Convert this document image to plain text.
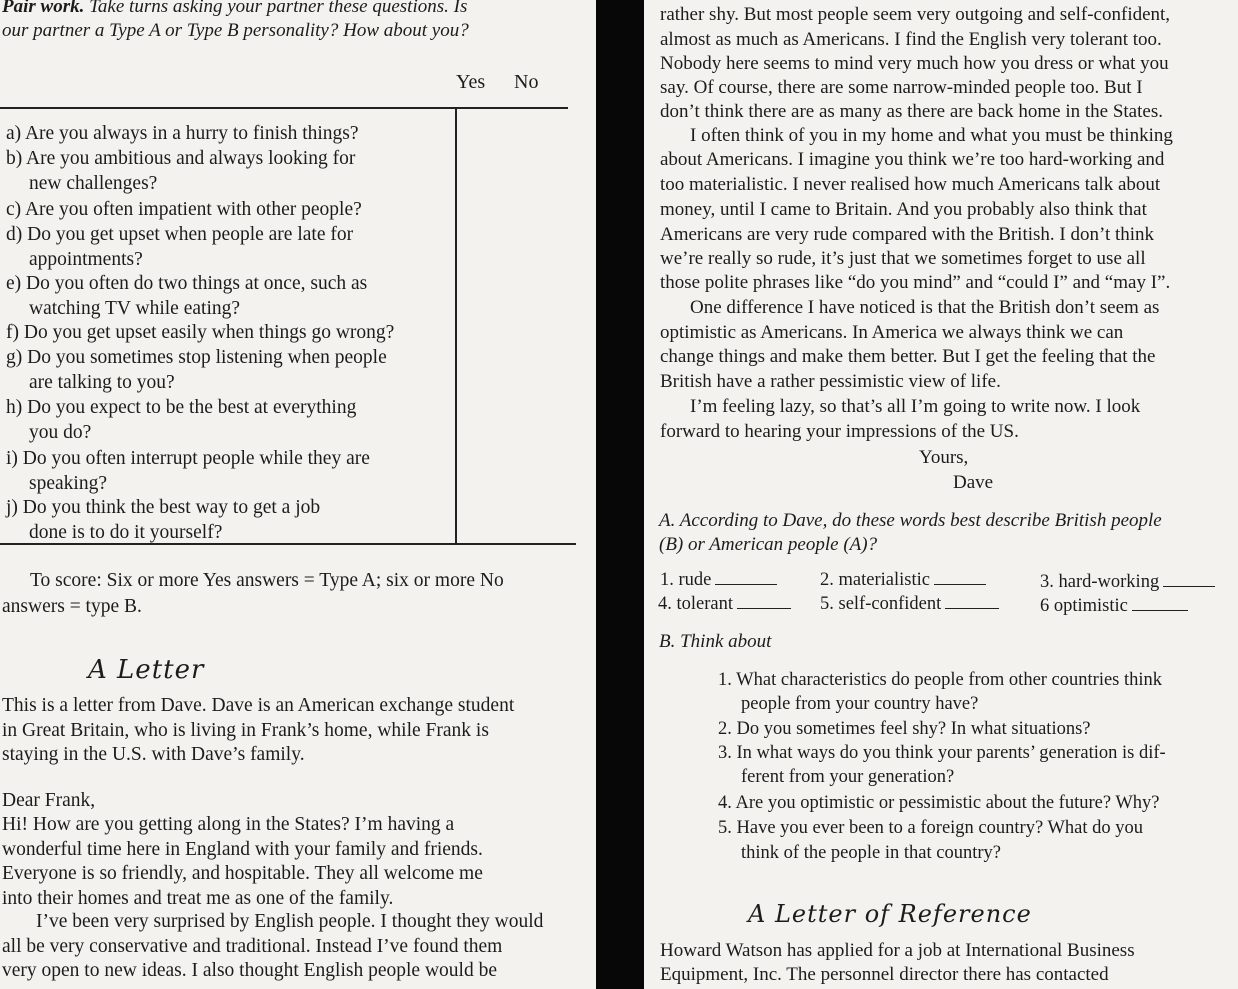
Pair work. Take turns asking your partner these questions. Is
our partner a Type A or Type B personality? How about you?
Yes No
a) Are you always in a hurry to finish things?
b) Are you ambitious and always looking for
new challenges?
c) Are you often impatient with other people?
d) Do you get upset when people are late for
appointments?
e) Do you often do two things at once, such as
watching TV while eating?
f) Do you get upset easily when things go wrong?
g) Do you sometimes stop listening when people
are talking to you?
h) Do you expect to be the best at everything
you do?
i) Do you often interrupt people while they are
speaking?
j) Do you think the best way to get a job
done is to do it yourself?
To score: Six or more Yes answers = Type A; six or more No
answers = type B.
A Letter
This is a letter from Dave. Dave is an American exchange student
in Great Britain, who is living in Frank’s home, while Frank is
staying in the U.S. with Dave’s family.
Dear Frank,
Hi! How are you getting along in the States? I’m having a
wonderful time here in England with your family and friends.
Everyone is so friendly, and hospitable. They all welcome me
into their homes and treat me as one of the family.
I’ve been very surprised by English people. I thought they would
all be very conservative and traditional. Instead I’ve found them
very open to new ideas. I also thought English people would be
rather shy. But most people seem very outgoing and self-confident,
almost as much as Americans. I find the English very tolerant too.
Nobody here seems to mind very much how you dress or what you
say. Of course, there are some narrow-minded people too. But I
don’t think there are as many as there are back home in the States.
I often think of you in my home and what you must be thinking
about Americans. I imagine you think we’re too hard-working and
too materialistic. I never realised how much Americans talk about
money, until I came to Britain. And you probably also think that
Americans are very rude compared with the British. I don’t think
we’re really so rude, it’s just that we sometimes forget to use all
those polite phrases like “do you mind” and “could I” and “may I”.
One difference I have noticed is that the British don’t seem as
optimistic as Americans. In America we always think we can
change things and make them better. But I get the feeling that the
British have a rather pessimistic view of life.
I’m feeling lazy, so that’s all I’m going to write now. I look
forward to hearing your impressions of the US.
Yours,
Dave
A. According to Dave, do these words best describe British people
(B) or American people (A)?
1. rude	2. materialistic	3. hard-working
4. tolerant	5. self-confident	6 optimistic
B. Think about
1. What characteristics do people from other countries think
people from your country have?
2. Do you sometimes feel shy? In what situations?
3. In what ways do you think your parents’ generation is dif-
ferent from your generation?
4. Are you optimistic or pessimistic about the future? Why?
5. Have you ever been to a foreign country? What do you
think of the people in that country?
A Letter of Reference
Howard Watson has applied for a job at International Business
Equipment, Inc. The personnel director there has contacted
